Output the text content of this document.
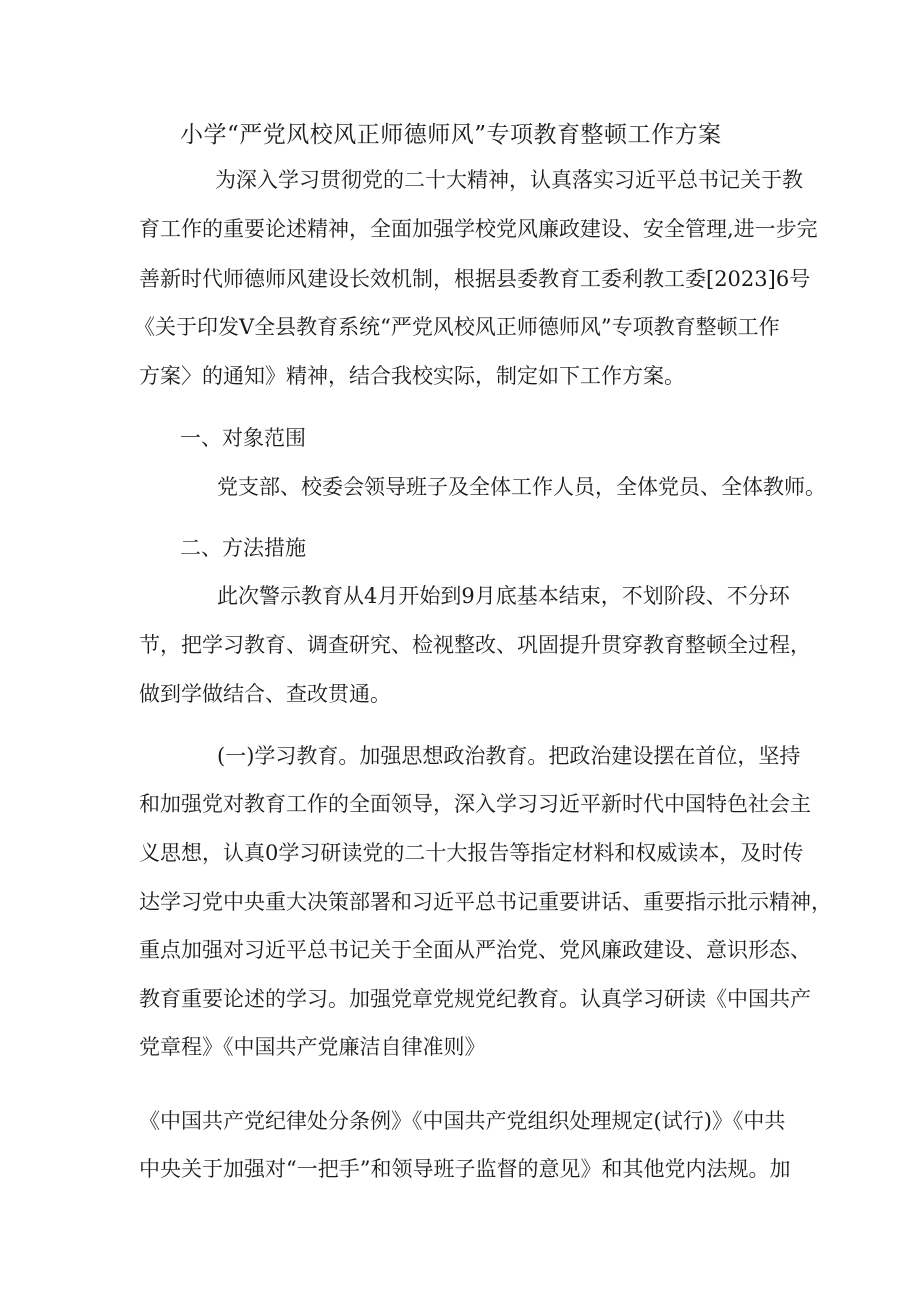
小学“严党风校风正师德师风”专项教育整顿工作方案
为深入学习贯彻党的二十大精神，认真落实习近平总书记关于教
育工作的重要论述精神，全面加强学校党风廉政建设、安全管理,进一步完
善新时代师德师风建设长效机制，根据县委教育工委利教工委[2023]6号
《关于印发Ⅴ全县教育系统“严党风校风正师德师风”专项教育整顿工作
方案〉的通知》精神，结合我校实际，制定如下工作方案。
一、对象范围
党支部、校委会领导班子及全体工作人员，全体党员、全体教师。
二、方法措施
此次警示教育从4月开始到9月底基本结束，不划阶段、不分环
节，把学习教育、调查研究、检视整改、巩固提升贯穿教育整顿全过程，
做到学做结合、查改贯通。
(一)学习教育。加强思想政治教育。把政治建设摆在首位，坚持
和加强党对教育工作的全面领导，深入学习习近平新时代中国特色社会主
义思想，认真0学习研读党的二十大报告等指定材料和权威读本，及时传
达学习党中央重大决策部署和习近平总书记重要讲话、重要指示批示精神，
重点加强对习近平总书记关于全面从严治党、党风廉政建设、意识形态、
教育重要论述的学习。加强党章党规党纪教育。认真学习研读《中国共产
党章程》《中国共产党廉洁自律准则》
《中国共产党纪律处分条例》《中国共产党组织处理规定(试行)》《中共
中央关于加强对“一把手”和领导班子监督的意见》和其他党内法规。加
